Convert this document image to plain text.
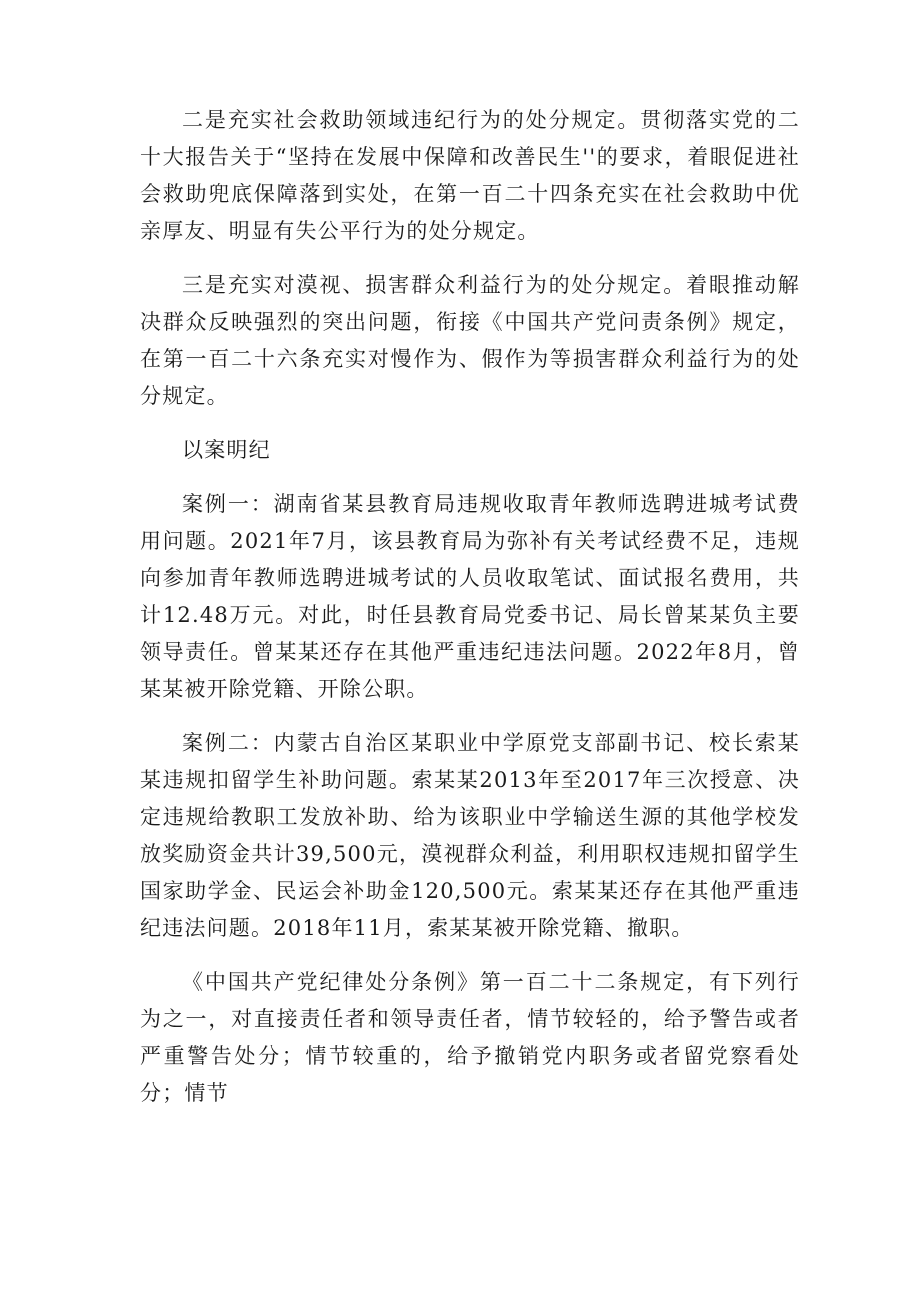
二是充实社会救助领域违纪行为的处分规定。贯彻落实党的二十大报告关于“坚持在发展中保障和改善民生''的要求，着眼促进社会救助兜底保障落到实处，在第一百二十四条充实在社会救助中优亲厚友、明显有失公平行为的处分规定。

三是充实对漠视、损害群众利益行为的处分规定。着眼推动解决群众反映强烈的突出问题，衔接《中国共产党问责条例》规定，在第一百二十六条充实对慢作为、假作为等损害群众利益行为的处分规定。

以案明纪

案例一：湖南省某县教育局违规收取青年教师选聘进城考试费用问题。2021年7月，该县教育局为弥补有关考试经费不足，违规向参加青年教师选聘进城考试的人员收取笔试、面试报名费用，共计12.48万元。对此，时任县教育局党委书记、局长曾某某负主要领导责任。曾某某还存在其他严重违纪违法问题。2022年8月，曾某某被开除党籍、开除公职。

案例二：内蒙古自治区某职业中学原党支部副书记、校长索某某违规扣留学生补助问题。索某某2013年至2017年三次授意、决定违规给教职工发放补助、给为该职业中学输送生源的其他学校发放奖励资金共计39,500元，漠视群众利益，利用职权违规扣留学生国家助学金、民运会补助金120,500元。索某某还存在其他严重违纪违法问题。2018年11月，索某某被开除党籍、撤职。

《中国共产党纪律处分条例》第一百二十二条规定，有下列行为之一，对直接责任者和领导责任者，情节较轻的，给予警告或者严重警告处分；情节较重的，给予撤销党内职务或者留党察看处分；情节
